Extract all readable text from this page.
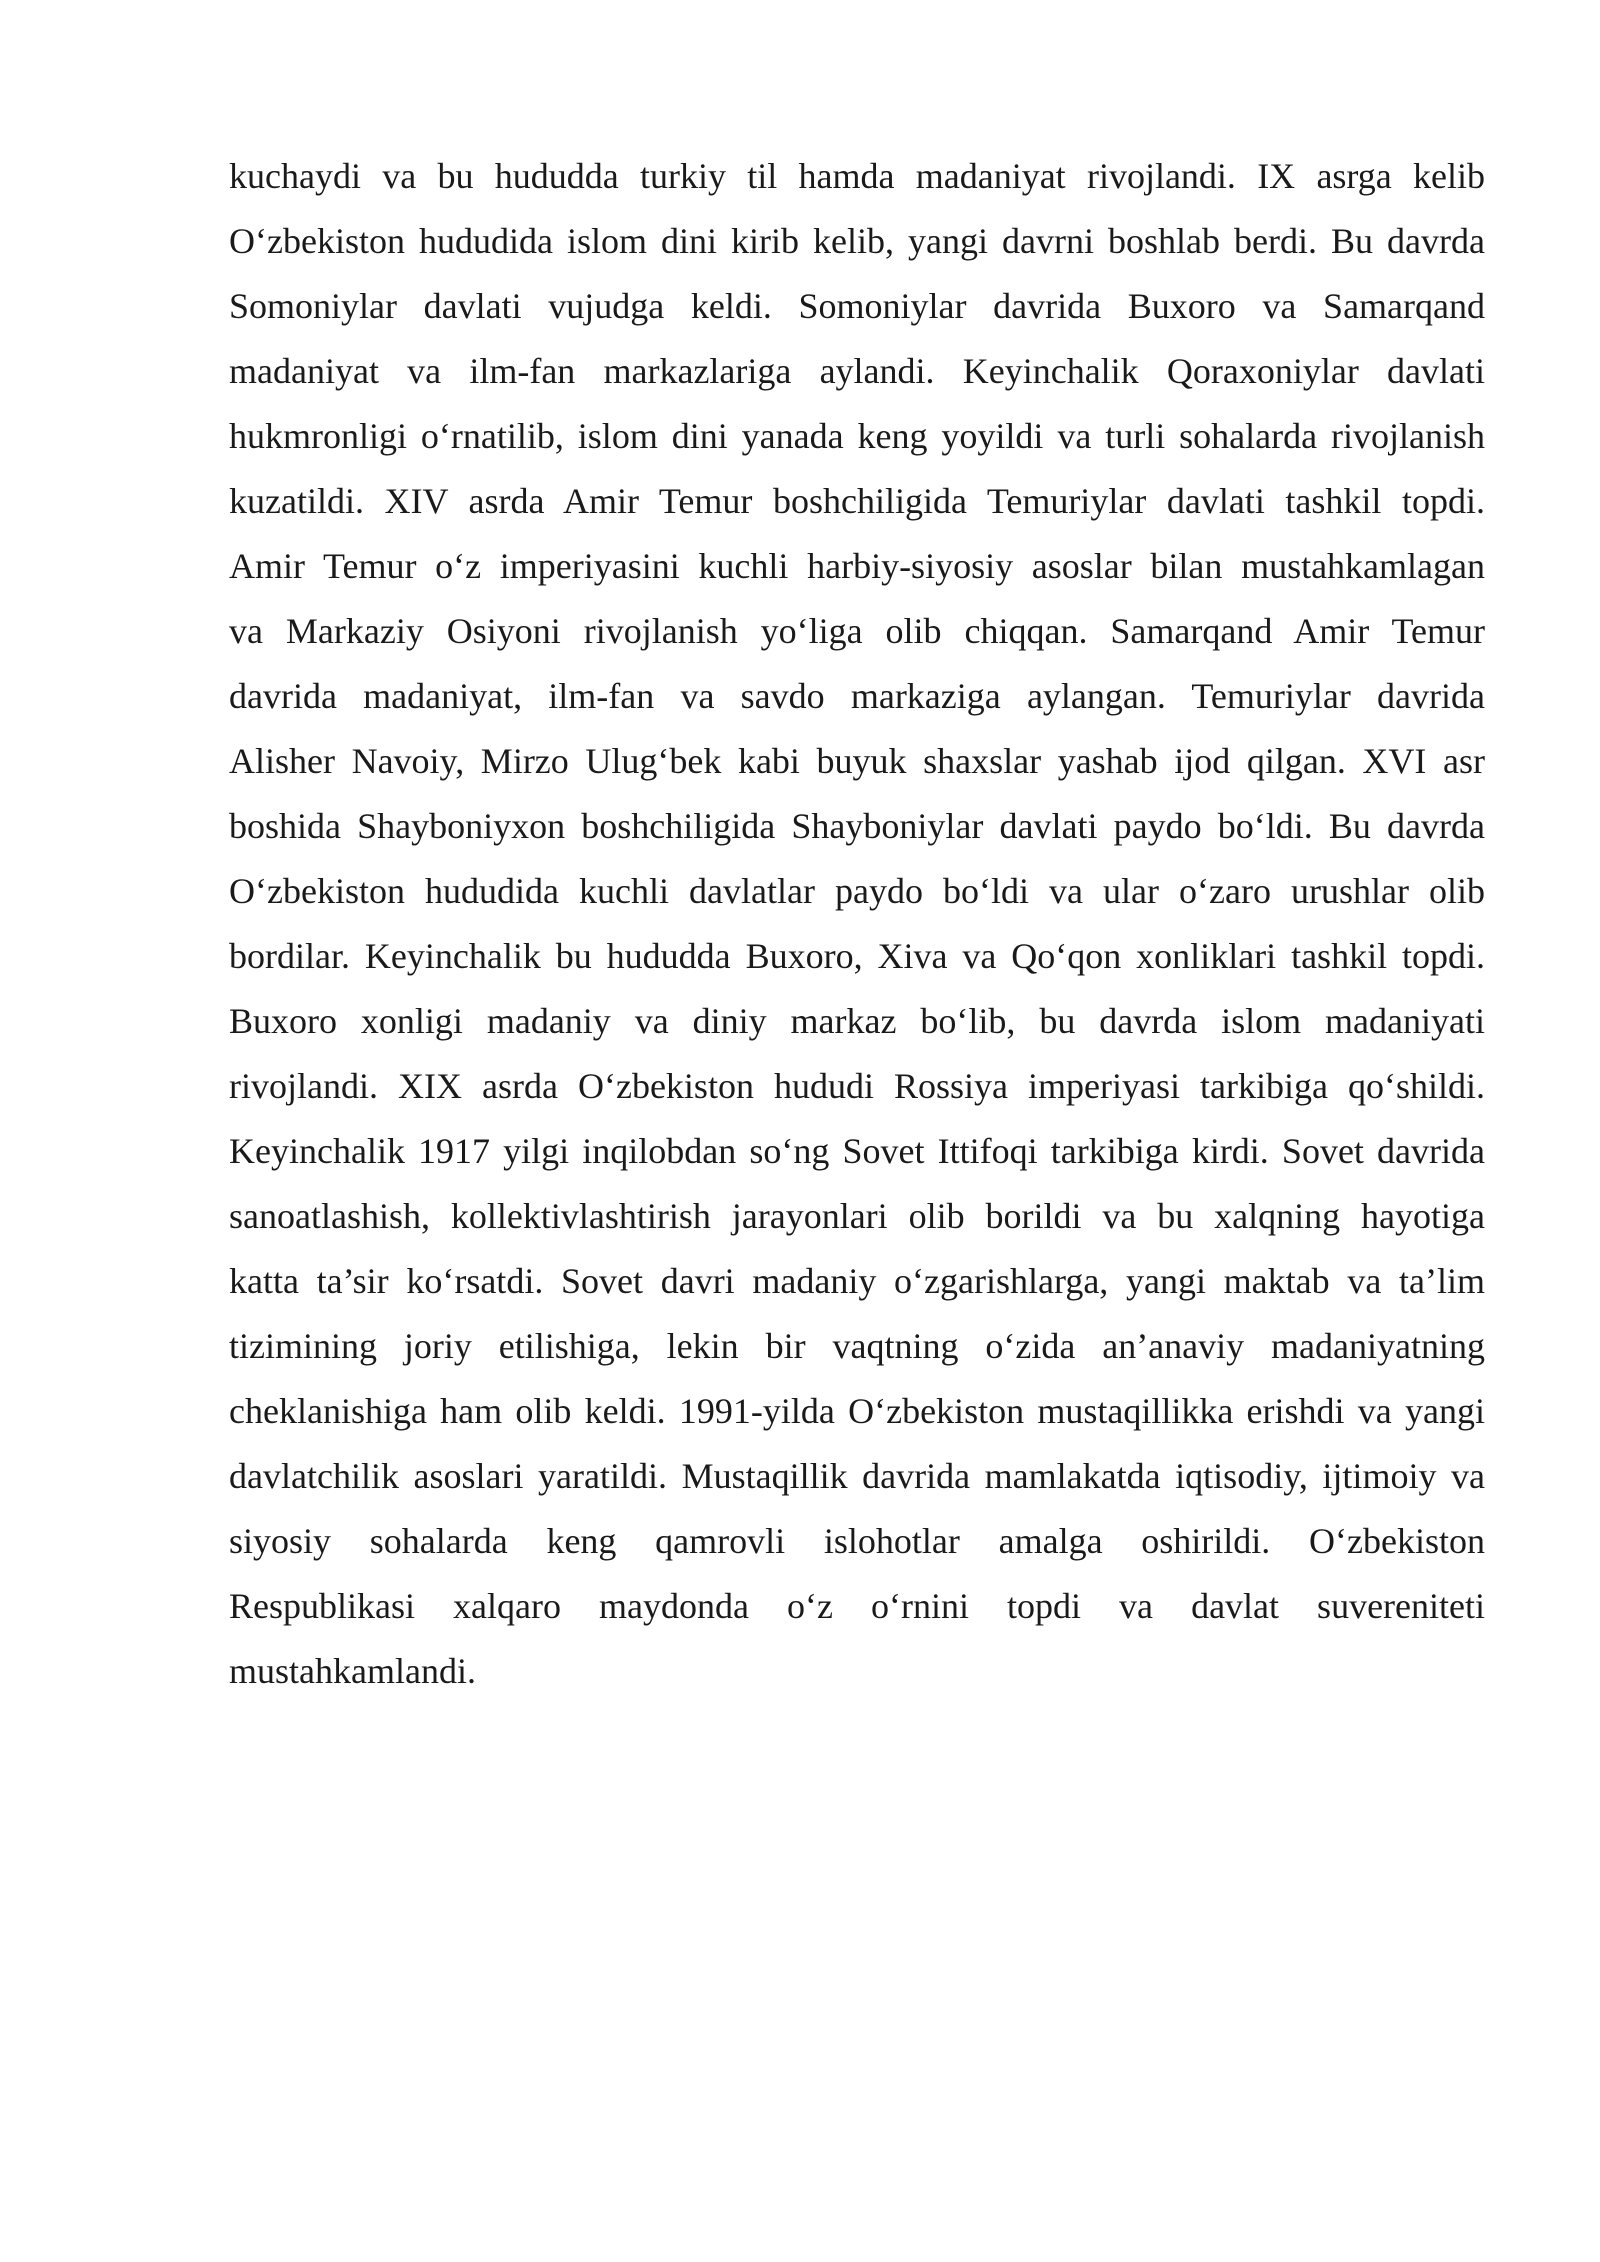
kuchaydi va bu hududda turkiy til hamda madaniyat rivojlandi. IX asrga kelib
O‘zbekiston hududida islom dini kirib kelib, yangi davrni boshlab berdi. Bu davrda
Somoniylar davlati vujudga keldi. Somoniylar davrida Buxoro va Samarqand
madaniyat va ilm-fan markazlariga aylandi. Keyinchalik Qoraxoniylar davlati
hukmronligi o‘rnatilib, islom dini yanada keng yoyildi va turli sohalarda rivojlanish
kuzatildi. XIV asrda Amir Temur boshchiligida Temuriylar davlati tashkil topdi.
Amir Temur o‘z imperiyasini kuchli harbiy-siyosiy asoslar bilan mustahkamlagan
va Markaziy Osiyoni rivojlanish yo‘liga olib chiqqan. Samarqand Amir Temur
davrida madaniyat, ilm-fan va savdo markaziga aylangan. Temuriylar davrida
Alisher Navoiy, Mirzo Ulug‘bek kabi buyuk shaxslar yashab ijod qilgan. XVI asr
boshida Shayboniyxon boshchiligida Shayboniylar davlati paydo bo‘ldi. Bu davrda
O‘zbekiston hududida kuchli davlatlar paydo bo‘ldi va ular o‘zaro urushlar olib
bordilar. Keyinchalik bu hududda Buxoro, Xiva va Qo‘qon xonliklari tashkil topdi.
Buxoro xonligi madaniy va diniy markaz bo‘lib, bu davrda islom madaniyati
rivojlandi. XIX asrda O‘zbekiston hududi Rossiya imperiyasi tarkibiga qo‘shildi.
Keyinchalik 1917 yilgi inqilobdan so‘ng Sovet Ittifoqi tarkibiga kirdi. Sovet davrida
sanoatlashish, kollektivlashtirish jarayonlari olib borildi va bu xalqning hayotiga
katta ta’sir ko‘rsatdi. Sovet davri madaniy o‘zgarishlarga, yangi maktab va ta’lim
tizimining joriy etilishiga, lekin bir vaqtning o‘zida an’anaviy madaniyatning
cheklanishiga ham olib keldi. 1991-yilda O‘zbekiston mustaqillikka erishdi va yangi
davlatchilik asoslari yaratildi. Mustaqillik davrida mamlakatda iqtisodiy, ijtimoiy va
siyosiy sohalarda keng qamrovli islohotlar amalga oshirildi. O‘zbekiston
Respublikasi xalqaro maydonda o‘z o‘rnini topdi va davlat suvereniteti
mustahkamlandi.
